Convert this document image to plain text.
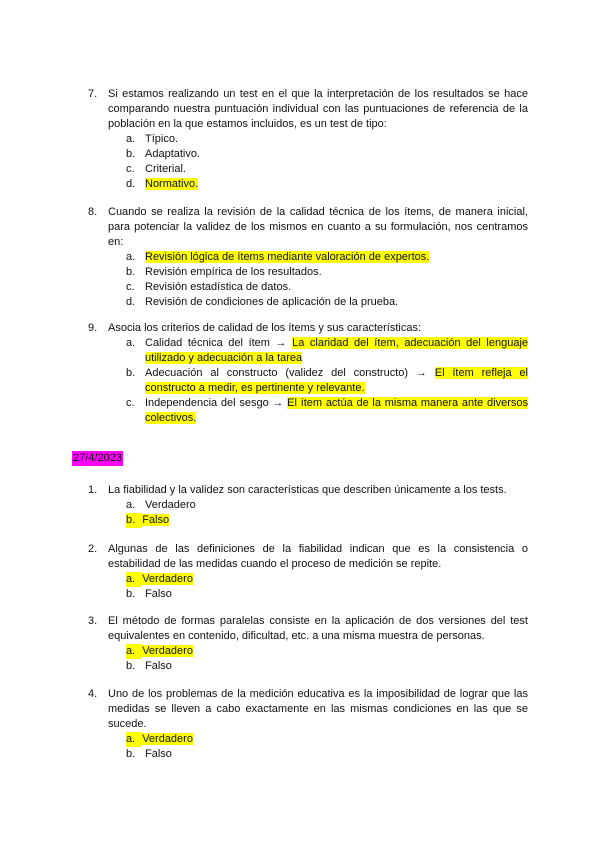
7. Si estamos realizando un test en el que la interpretación de los resultados se hace comparando nuestra puntuación individual con las puntuaciones de referencia de la población en la que estamos incluidos, es un test de tipo:
a. Típico.
b. Adaptativo.
c. Criterial.
d. Normativo.
8. Cuando se realiza la revisión de la calidad técnica de los ítems, de manera inicial, para potenciar la validez de los mismos en cuanto a su formulación, nos centramos en:
a. Revisión lógica de ítems mediante valoración de expertos.
b. Revisión empírica de los resultados.
c. Revisión estadística de datos.
d. Revisión de condiciones de aplicación de la prueba.
9. Asocia los criterios de calidad de los ítems y sus características:
a. Calidad técnica del ítem → La claridad del ítem, adecuación del lenguaje utilizado y adecuación a la tarea
b. Adecuación al constructo (validez del constructo) → El ítem refleja el constructo a medir, es pertinente y relevante.
c. Independencia del sesgo → El ítem actúa de la misma manera ante diversos colectivos.
27/4/2023
1. La fiabilidad y la validez son características que describen únicamente a los tests.
a. Verdadero
b. Falso
2. Algunas de las definiciones de la fiabilidad indican que es la consistencia o estabilidad de las medidas cuando el proceso de medición se repite.
a. Verdadero
b. Falso
3. El método de formas paralelas consiste en la aplicación de dos versiones del test equivalentes en contenido, dificultad, etc. a una misma muestra de personas.
a. Verdadero
b. Falso
4. Uno de los problemas de la medición educativa es la imposibilidad de lograr que las medidas se lleven a cabo exactamente en las mismas condiciones en las que se sucede.
a. Verdadero
b. Falso
